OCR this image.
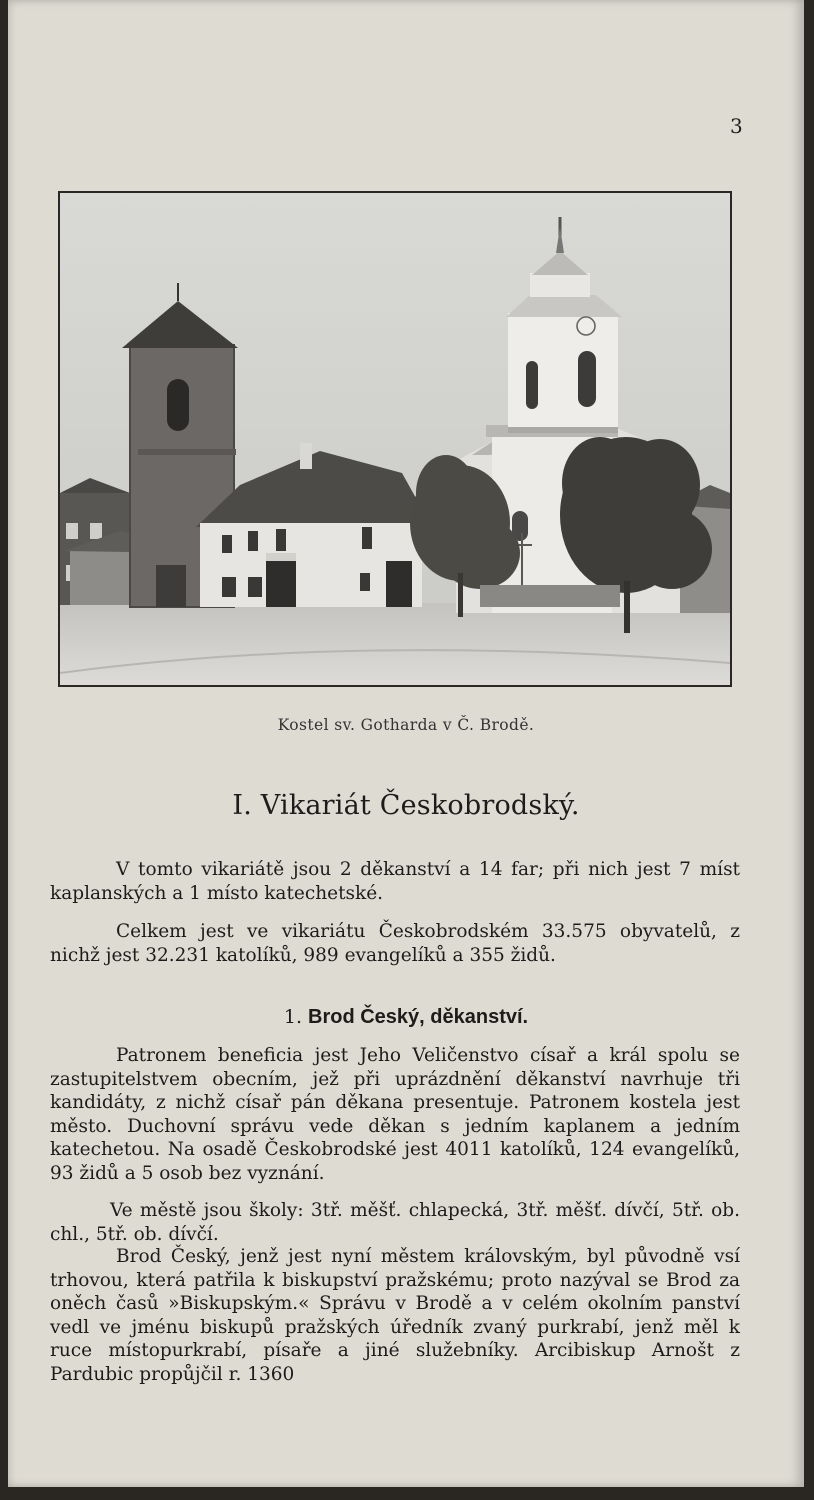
3
Kostel sv. Gotharda v Č. Brodě.
I. Vikariát Českobrodský.
V tomto vikariátě jsou 2 děkanství a 14 far; při nich jest 7 míst kaplanských a 1 místo katechetské.
Celkem jest ve vikariátu Českobrodském 33.575 obyvatelů, z nichž jest 32.231 katolíků, 989 evangelíků a 355 židů.
1. Brod Český, děkanství.
Patronem beneficia jest Jeho Veličenstvo císař a král spolu se zastupitelstvem obecním, jež při uprázdnění děkanství navrhuje tři kandidáty, z nichž císař pán děkana presentuje. Patronem kostela jest město. Duchovní správu vede děkan s jedním kaplanem a jedním katechetou. Na osadě Českobrodské jest 4011 katolíků, 124 evangelíků, 93 židů a 5 osob bez vyznání.
Ve městě jsou školy: 3tř. měšť. chlapecká, 3tř. měšť. dívčí, 5tř. ob. chl., 5tř. ob. dívčí.
Brod Český, jenž jest nyní městem královským, byl původně vsí trhovou, která patřila k biskupství pražskému; proto nazýval se Brod za oněch časů »Biskupským.« Správu v Brodě a v celém okolním panství vedl ve jménu biskupů pražských úředník zvaný purkrabí, jenž měl k ruce místopurkrabí, písaře a jiné služebníky. Arcibiskup Arnošt z Pardubic propůjčil r. 1360
